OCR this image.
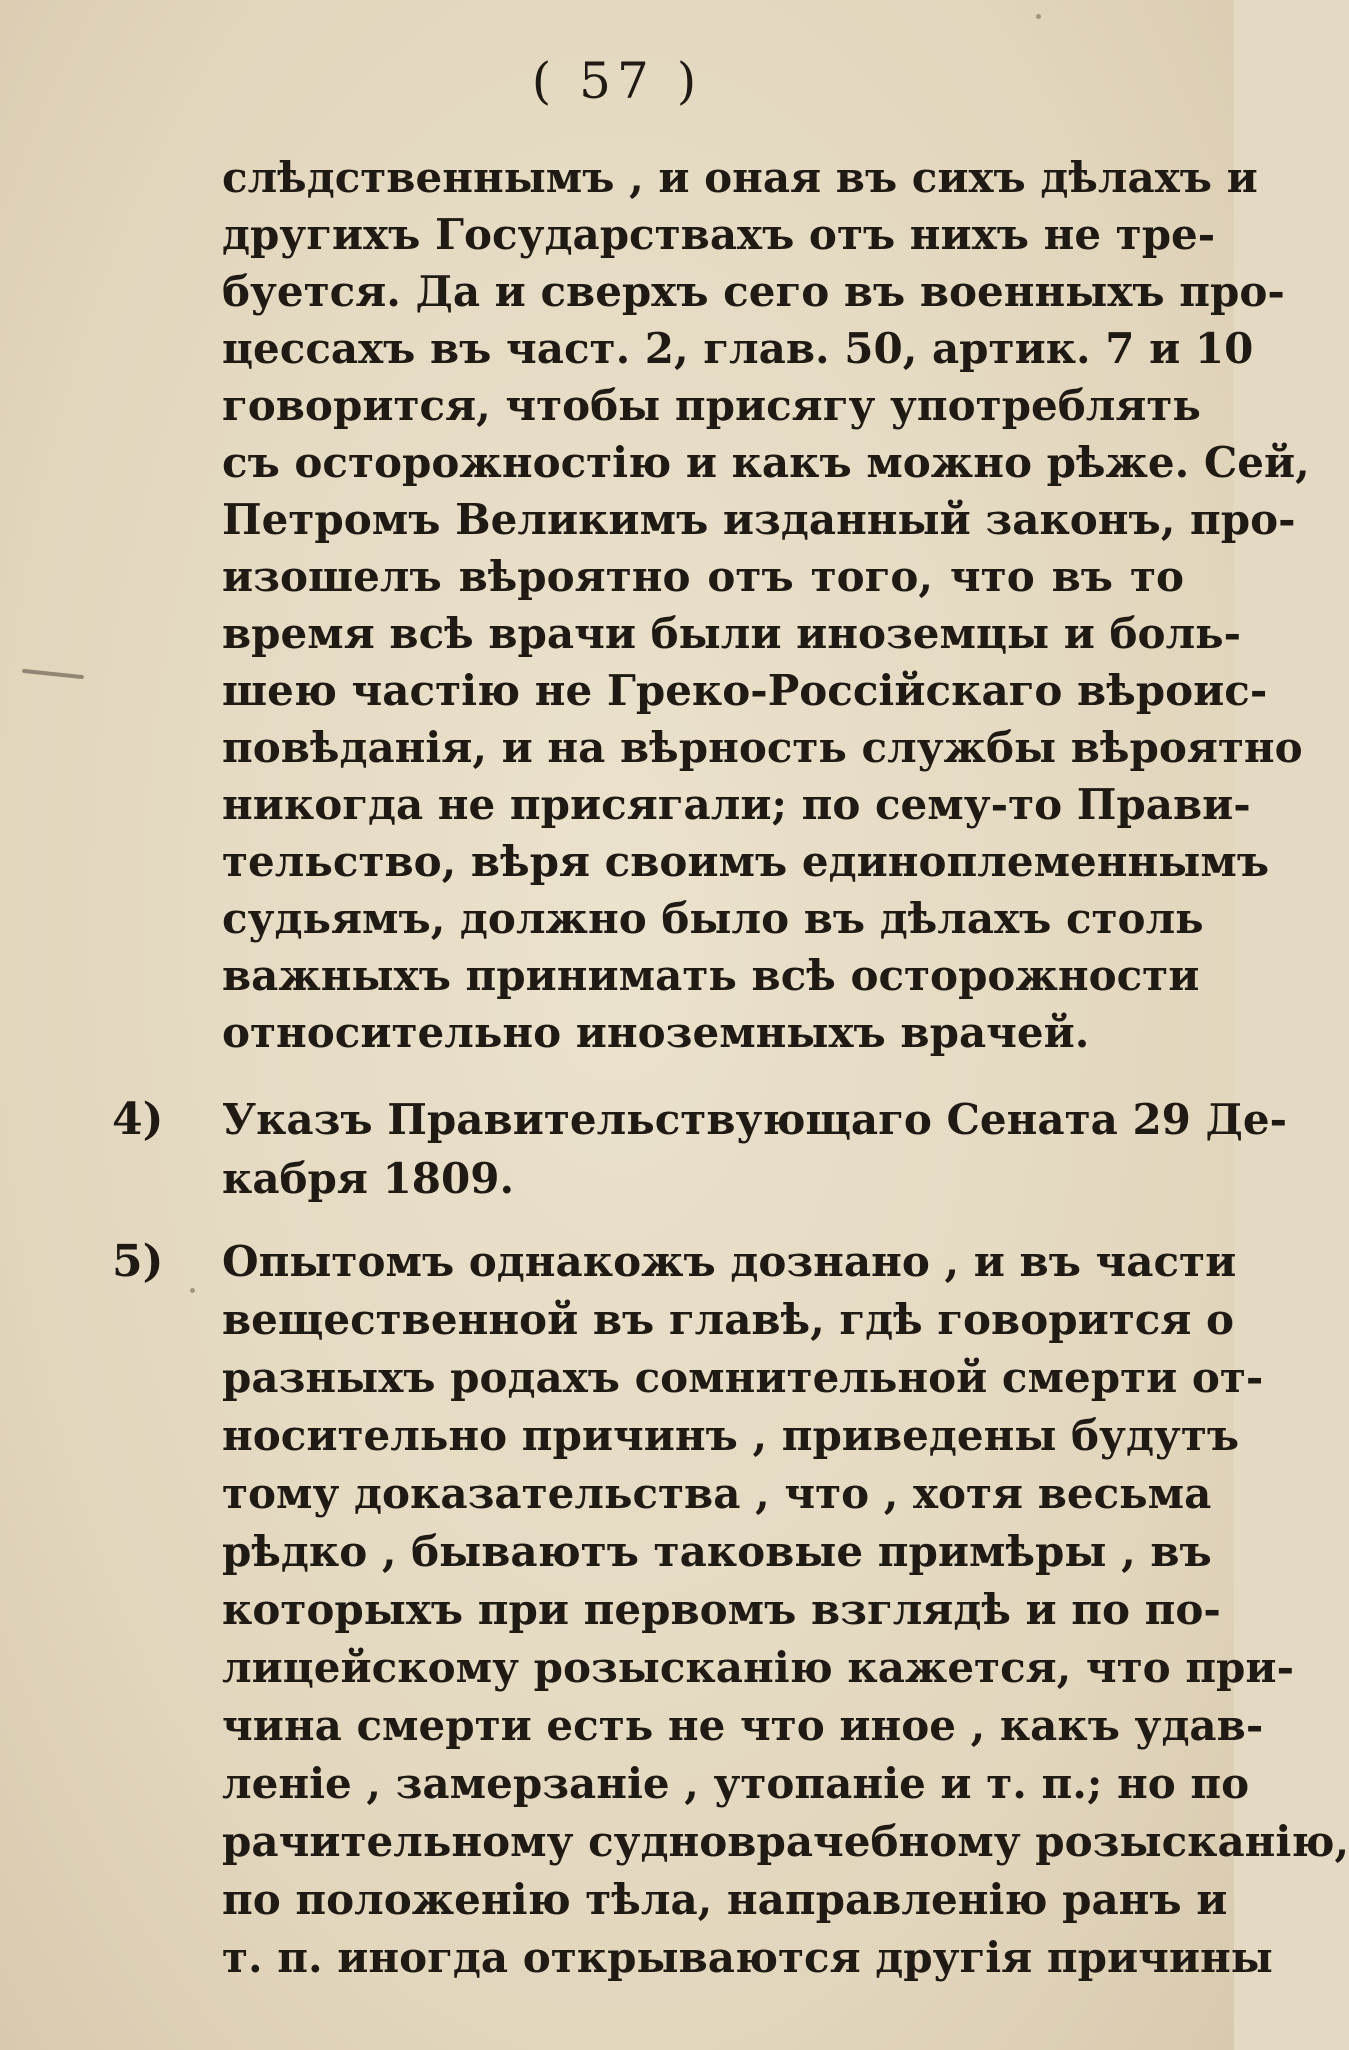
( 57 )
слѣдственнымъ , и оная въ сихъ дѣлахъ и
другихъ Государствахъ отъ нихъ не тре-
буется. Да и сверхъ сего въ военныхъ про-
цессахъ въ част. 2, глав. 50, артик. 7 и 10
говорится, чтобы присягу употреблять
съ осторожностію и какъ можно рѣже. Сей,
Петромъ Великимъ изданный законъ, про-
изошелъ вѣроятно отъ того, что въ то
время всѣ врачи были иноземцы и боль-
шею частію не Греко-Россійскаго вѣроис-
повѣданія, и на вѣрность службы вѣроятно
никогда не присягали; по сему-то Прави-
тельство, вѣря своимъ единоплеменнымъ
судьямъ, должно было въ дѣлахъ столь
важныхъ принимать всѣ осторожности
относительно иноземныхъ врачей.
4) Указъ Правительствующаго Сената 29 Де-
кабря 1809.
5) Опытомъ однакожъ дознано , и въ части
вещественной въ главѣ, гдѣ говорится о
разныхъ родахъ сомнительной смерти от-
носительно причинъ , приведены будутъ
тому доказательства , что , хотя весьма
рѣдко , бываютъ таковые примѣры , въ
которыхъ при первомъ взглядѣ и по по-
лицейскому розысканію кажется, что при-
чина смерти есть не что иное , какъ удав-
леніе , замерзаніе , утопаніе и т. п.; но по
рачительному судноврачебному розысканію,
по положенію тѣла, направленію ранъ и
т. п. иногда открываются другія причины
